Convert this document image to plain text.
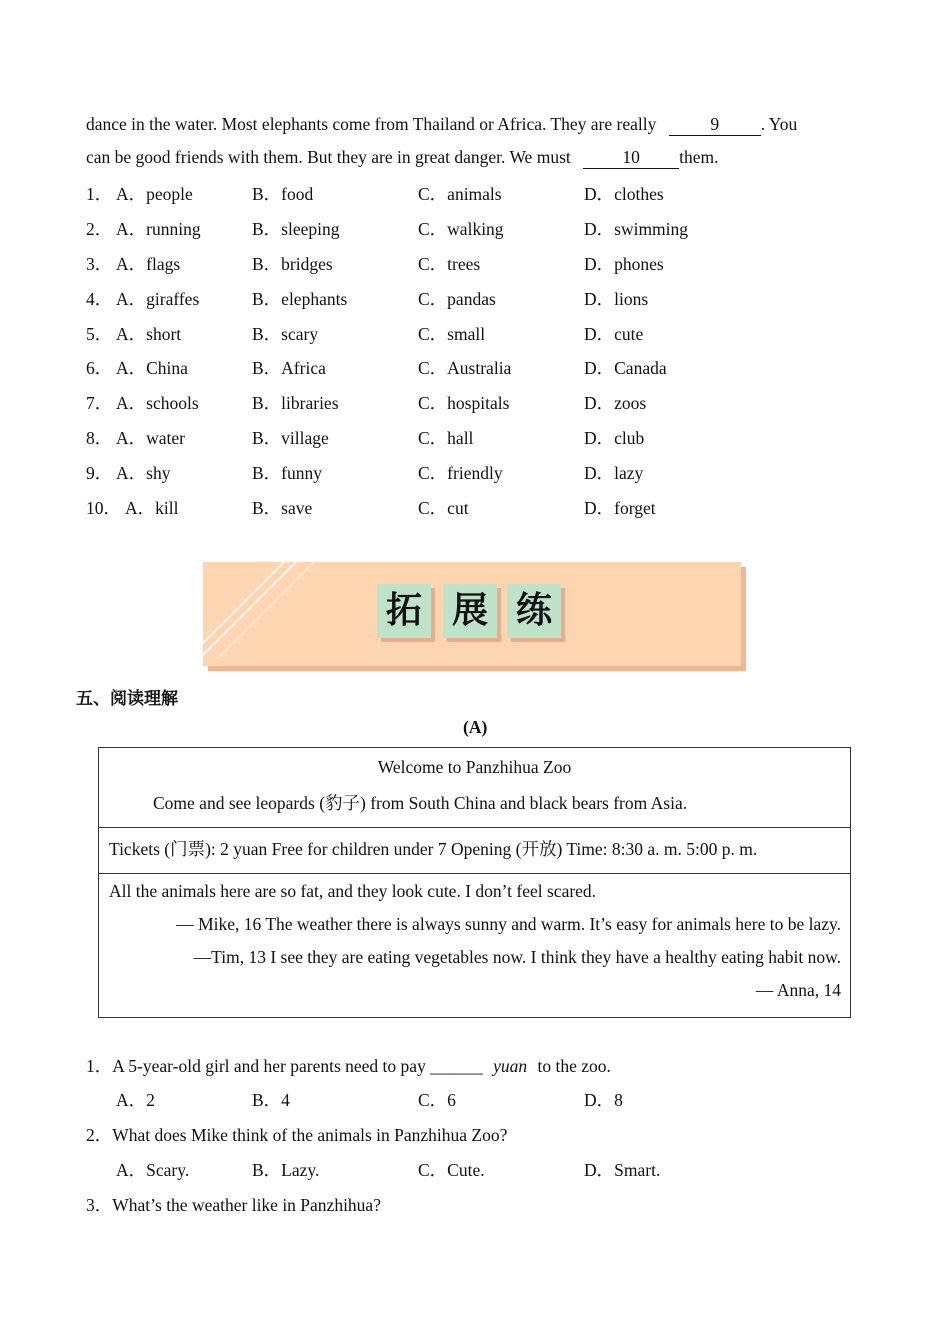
dance in the water. Most elephants come from Thailand or Africa. They are really	9 . You
can be good friends with them. But they are in great danger. We must	10 them.
1． A．people	B．food	C．animals	D．clothes
2． A．running	B．sleeping	C．walking	D．swimming
3． A．flags	B．bridges	C．trees	D．phones
4． A．giraffes	B．elephants	C．pandas	D．lions
5． A．short	B．scary	C．small	D．cute
6． A．China	B．Africa	C．Australia	D．Canada
7． A．schools	B．libraries	C．hospitals	D．zoos
8． A．water	B．village	C．hall	D．club
9． A．shy	B．funny	C．friendly	D．lazy
10． A．kill	B．save	C．cut	D．forget
拓 展 练
五、阅读理解
(A)
Welcome to Panzhihua Zoo
Come and see leopards (豹子) from South China and black bears from Asia.
Tickets (门票): 2 yuan Free for children under 7 Opening (开放) Time: 8:30 a. m. 5:00 p. m.
All the animals here are so fat, and they look cute. I don’t feel scared.
— Mike, 16 The weather there is always sunny and warm. It’s easy for animals here to be lazy.
—Tim, 13 I see they are eating vegetables now. I think they have a healthy eating habit now.
— Anna, 14
1．A 5-year-old girl and her parents need to pay ______ yuan to the zoo.
A．2	B．4	C．6	D．8
2．What does Mike think of the animals in Panzhihua Zoo?
A．Scary.	B．Lazy.	C．Cute.	D．Smart.
3．What’s the weather like in Panzhihua?
